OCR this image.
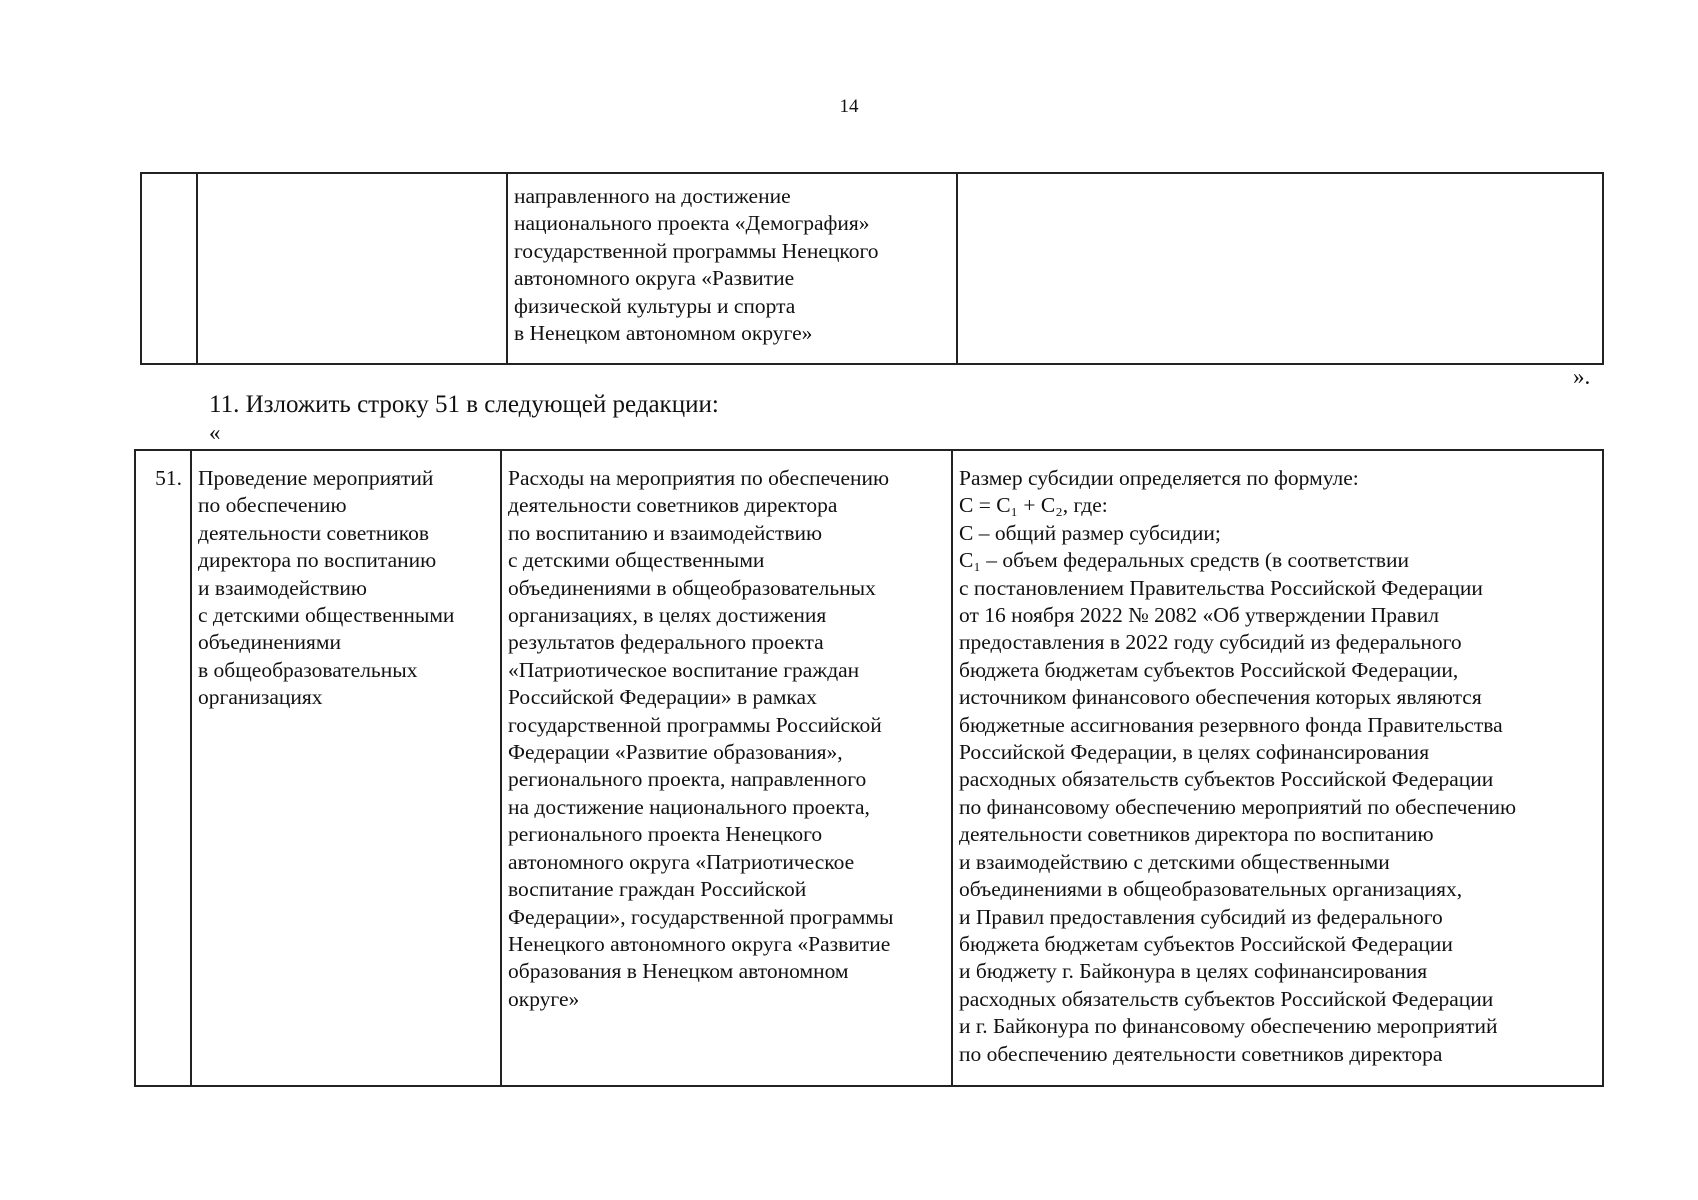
14
		направленного на достижение
национального проекта «Демография»
государственной программы Ненецкого
автономного округа «Развитие
физической культуры и спорта
в Ненецком автономном округе»	
».
11. Изложить строку 51 в следующей редакции:
«
51.	Проведение мероприятий
по обеспечению
деятельности советников
директора по воспитанию
и взаимодействию
с детскими общественными
объединениями
в общеобразовательных
организациях	Расходы на мероприятия по обеспечению
деятельности советников директора
по воспитанию и взаимодействию
с детскими общественными
объединениями в общеобразовательных
организациях, в целях достижения
результатов федерального проекта
«Патриотическое воспитание граждан
Российской Федерации» в рамках
государственной программы Российской
Федерации «Развитие образования»,
регионального проекта, направленного
на достижение национального проекта,
регионального проекта Ненецкого
автономного округа «Патриотическое
воспитание граждан Российской
Федерации», государственной программы
Ненецкого автономного округа «Развитие
образования в Ненецком автономном
округе»	Размер субсидии определяется по формуле:
C = C₁ + C₂, где:
C – общий размер субсидии;
C₁ – объем федеральных средств (в соответствии
с постановлением Правительства Российской Федерации
от 16 ноября 2022 № 2082 «Об утверждении Правил
предоставления в 2022 году субсидий из федерального
бюджета бюджетам субъектов Российской Федерации,
источником финансового обеспечения которых являются
бюджетные ассигнования резервного фонда Правительства
Российской Федерации, в целях софинансирования
расходных обязательств субъектов Российской Федерации
по финансовому обеспечению мероприятий по обеспечению
деятельности советников директора по воспитанию
и взаимодействию с детскими общественными
объединениями в общеобразовательных организациях,
и Правил предоставления субсидий из федерального
бюджета бюджетам субъектов Российской Федерации
и бюджету г. Байконура в целях софинансирования
расходных обязательств субъектов Российской Федерации
и г. Байконура по финансовому обеспечению мероприятий
по обеспечению деятельности советников директора
